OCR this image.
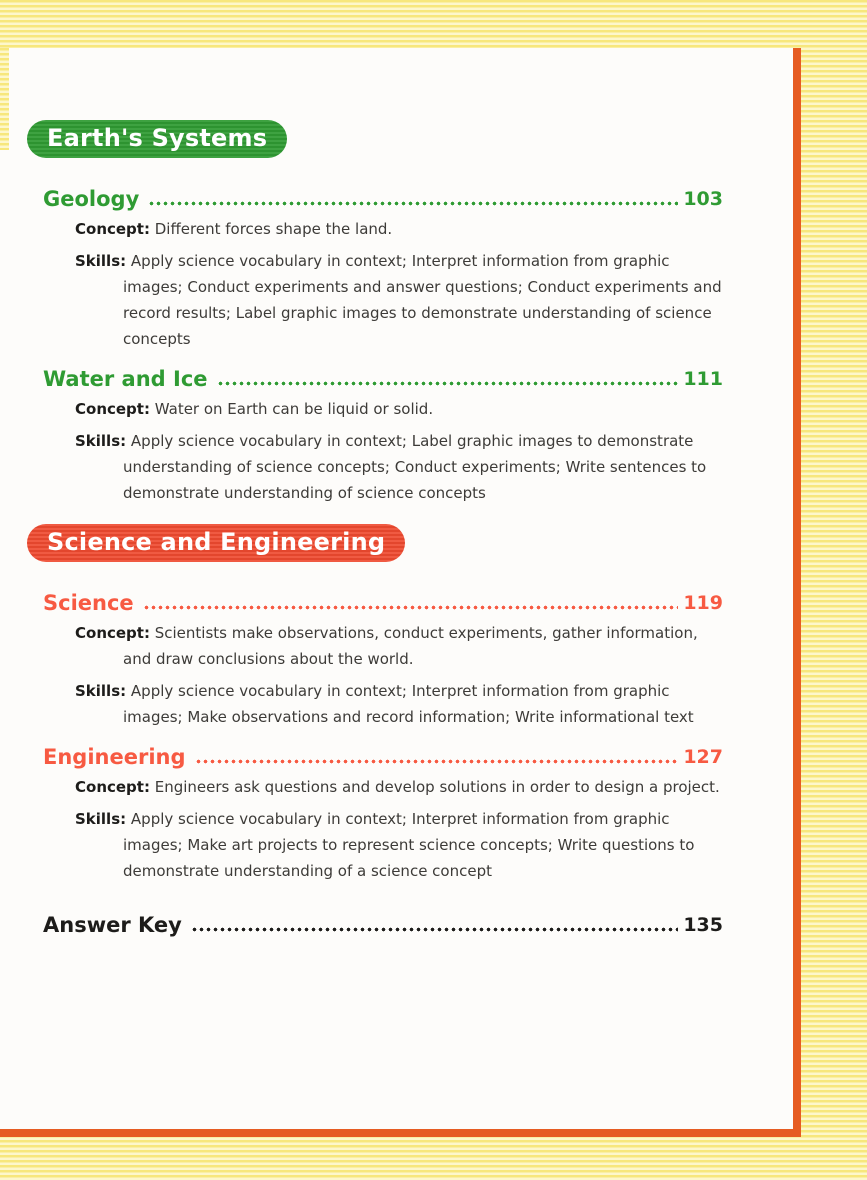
Earth's Systems
Geology	103

Concept: Different forces shape the land.

Skills: Apply science vocabulary in context; Interpret information from graphic images; Conduct experiments and answer questions; Conduct experiments and record results; Label graphic images to demonstrate understanding of science concepts

Water and Ice	111

Concept: Water on Earth can be liquid or solid.

Skills: Apply science vocabulary in context; Label graphic images to demonstrate understanding of science concepts; Conduct experiments; Write sentences to demonstrate understanding of science concepts

Science and Engineering
Science	119

Concept: Scientists make observations, conduct experiments, gather information, and draw conclusions about the world.

Skills: Apply science vocabulary in context; Interpret information from graphic images; Make observations and record information; Write informational text

Engineering	127

Concept: Engineers ask questions and develop solutions in order to design a project.

Skills: Apply science vocabulary in context; Interpret information from graphic images; Make art projects to represent science concepts; Write questions to demonstrate understanding of a science concept

Answer Key	135
